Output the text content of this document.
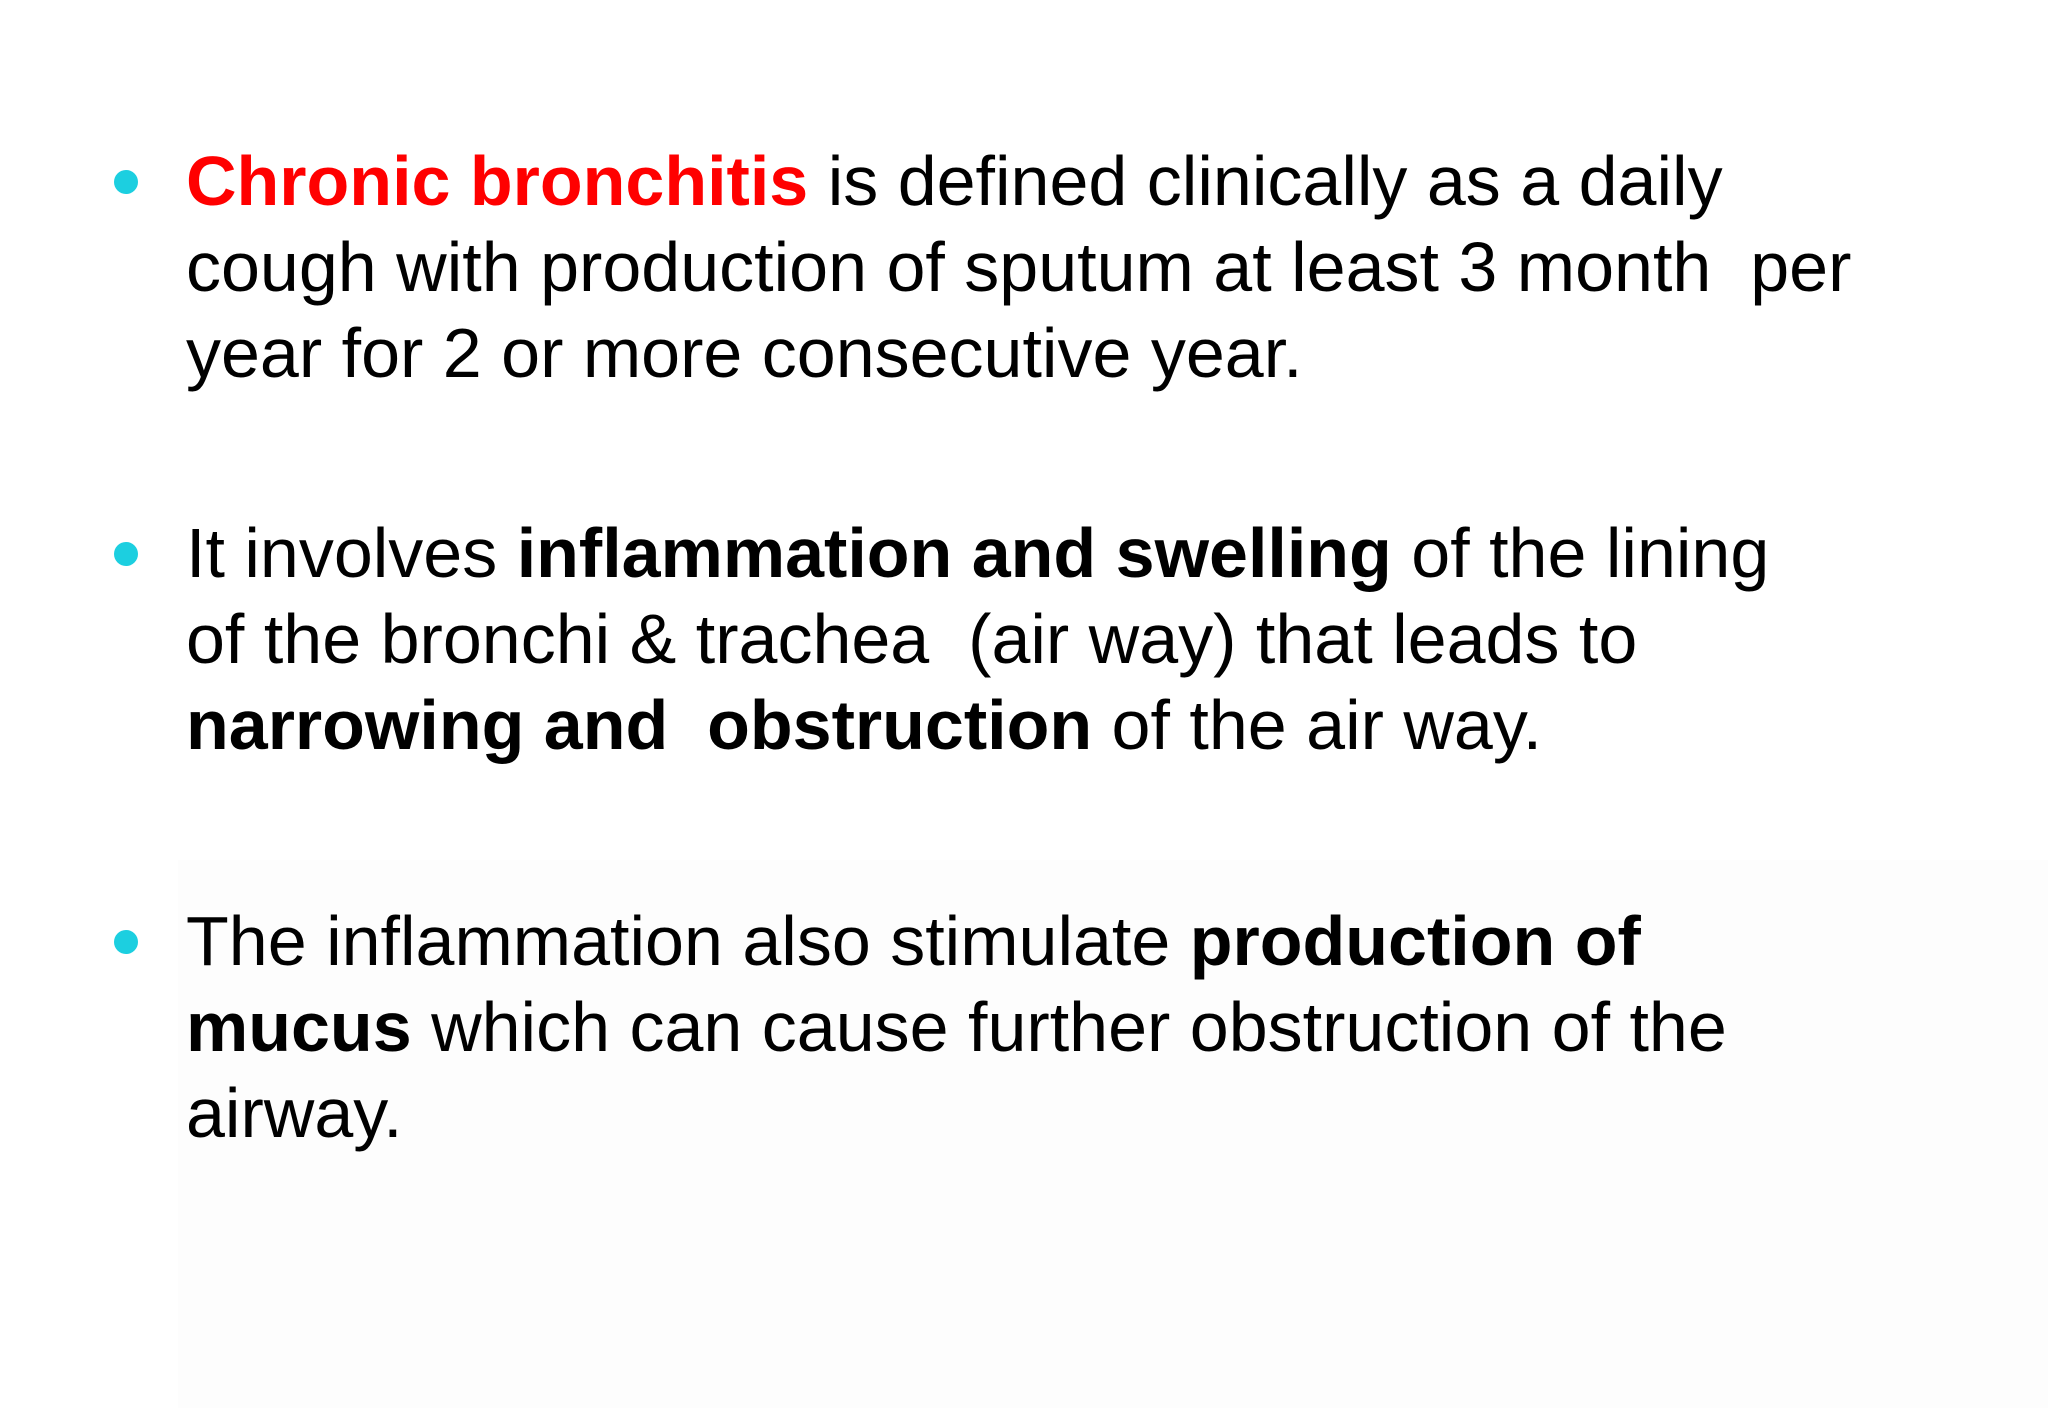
Chronic bronchitis is defined clinically as a daily
cough with production of sputum at least 3 month  per
year for 2 or more consecutive year.

It involves inflammation and swelling of the lining
of the bronchi & trachea  (air way) that leads to
narrowing and  obstruction of the air way.

The inflammation also stimulate production of
mucus which can cause further obstruction of the
airway.
